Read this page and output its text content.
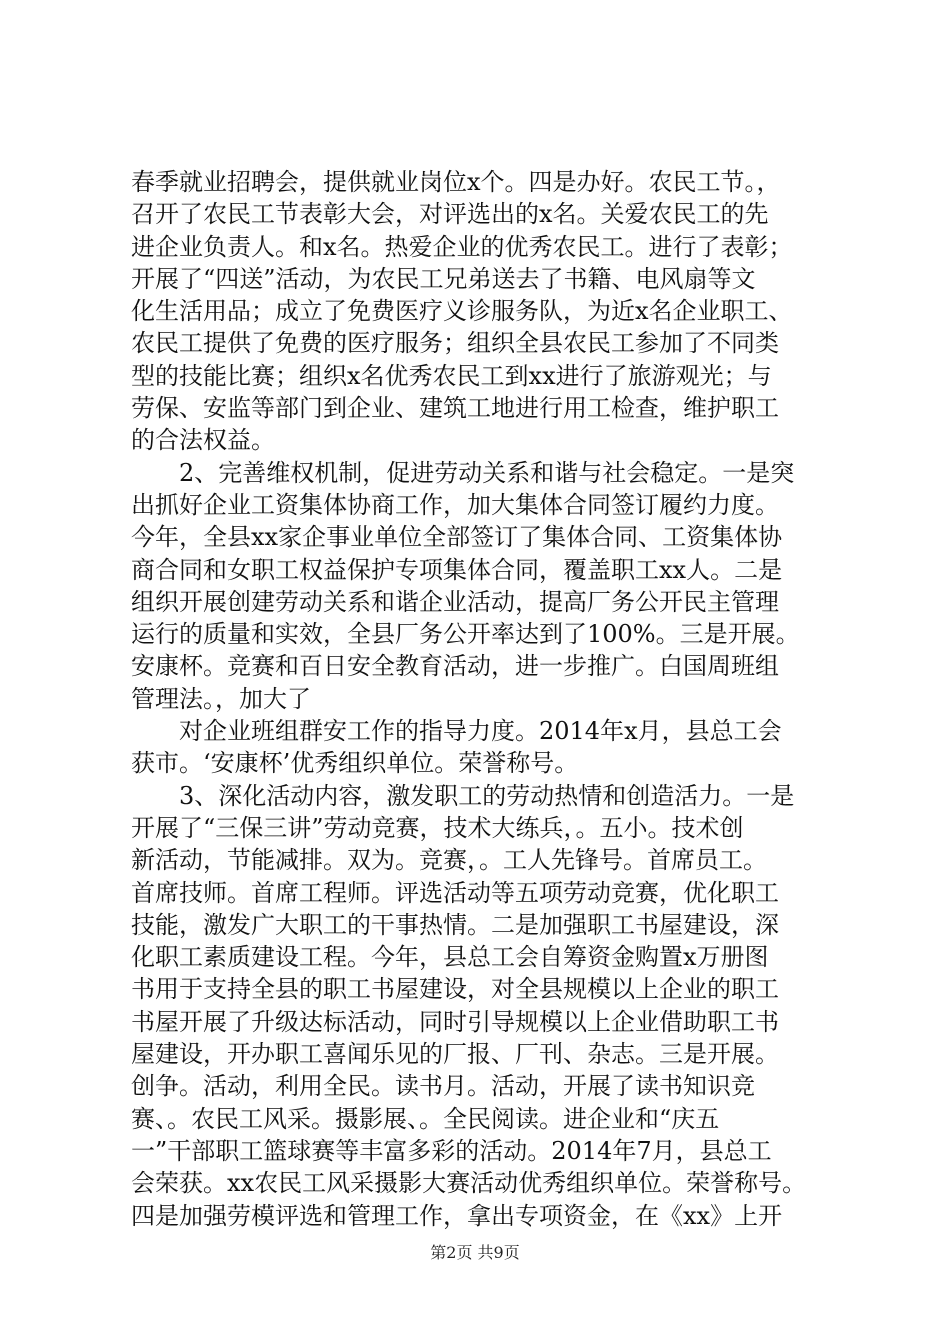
春季就业招聘会，提供就业岗位x个。四是办好。农民工节。，
召开了农民工节表彰大会，对评选出的x名。关爱农民工的先
进企业负责人。和x名。热爱企业的优秀农民工。进行了表彰；
开展了“四送”活动，为农民工兄弟送去了书籍、电风扇等文
化生活用品；成立了免费医疗义诊服务队，为近x名企业职工、
农民工提供了免费的医疗服务；组织全县农民工参加了不同类
型的技能比赛；组织x名优秀农民工到xx进行了旅游观光；与
劳保、安监等部门到企业、建筑工地进行用工检查，维护职工
的合法权益。
　　2、完善维权机制，促进劳动关系和谐与社会稳定。一是突
出抓好企业工资集体协商工作，加大集体合同签订履约力度。
今年，全县xx家企事业单位全部签订了集体合同、工资集体协
商合同和女职工权益保护专项集体合同，覆盖职工xx人。二是
组织开展创建劳动关系和谐企业活动，提高厂务公开民主管理
运行的质量和实效，全县厂务公开率达到了100%。三是开展。
安康杯。竞赛和百日安全教育活动，进一步推广。白国周班组
管理法。，加大了
　　对企业班组群安工作的指导力度。2014年x月，县总工会
获市。‘安康杯’优秀组织单位。荣誉称号。
　　3、深化活动内容，激发职工的劳动热情和创造活力。一是
开展了“三保三讲”劳动竞赛，技术大练兵，。五小。技术创
新活动，节能减排。双为。竞赛，。工人先锋号。首席员工。
首席技师。首席工程师。评选活动等五项劳动竞赛，优化职工
技能，激发广大职工的干事热情。二是加强职工书屋建设，深
化职工素质建设工程。今年，县总工会自筹资金购置x万册图
书用于支持全县的职工书屋建设，对全县规模以上企业的职工
书屋开展了升级达标活动，同时引导规模以上企业借助职工书
屋建设，开办职工喜闻乐见的厂报、厂刊、杂志。三是开展。
创争。活动，利用全民。读书月。活动，开展了读书知识竞
赛、。农民工风采。摄影展、。全民阅读。进企业和“庆五
一”干部职工篮球赛等丰富多彩的活动。2014年7月，县总工
会荣获。xx农民工风采摄影大赛活动优秀组织单位。荣誉称号。
四是加强劳模评选和管理工作，拿出专项资金，在《xx》上开
第2页 共9页
